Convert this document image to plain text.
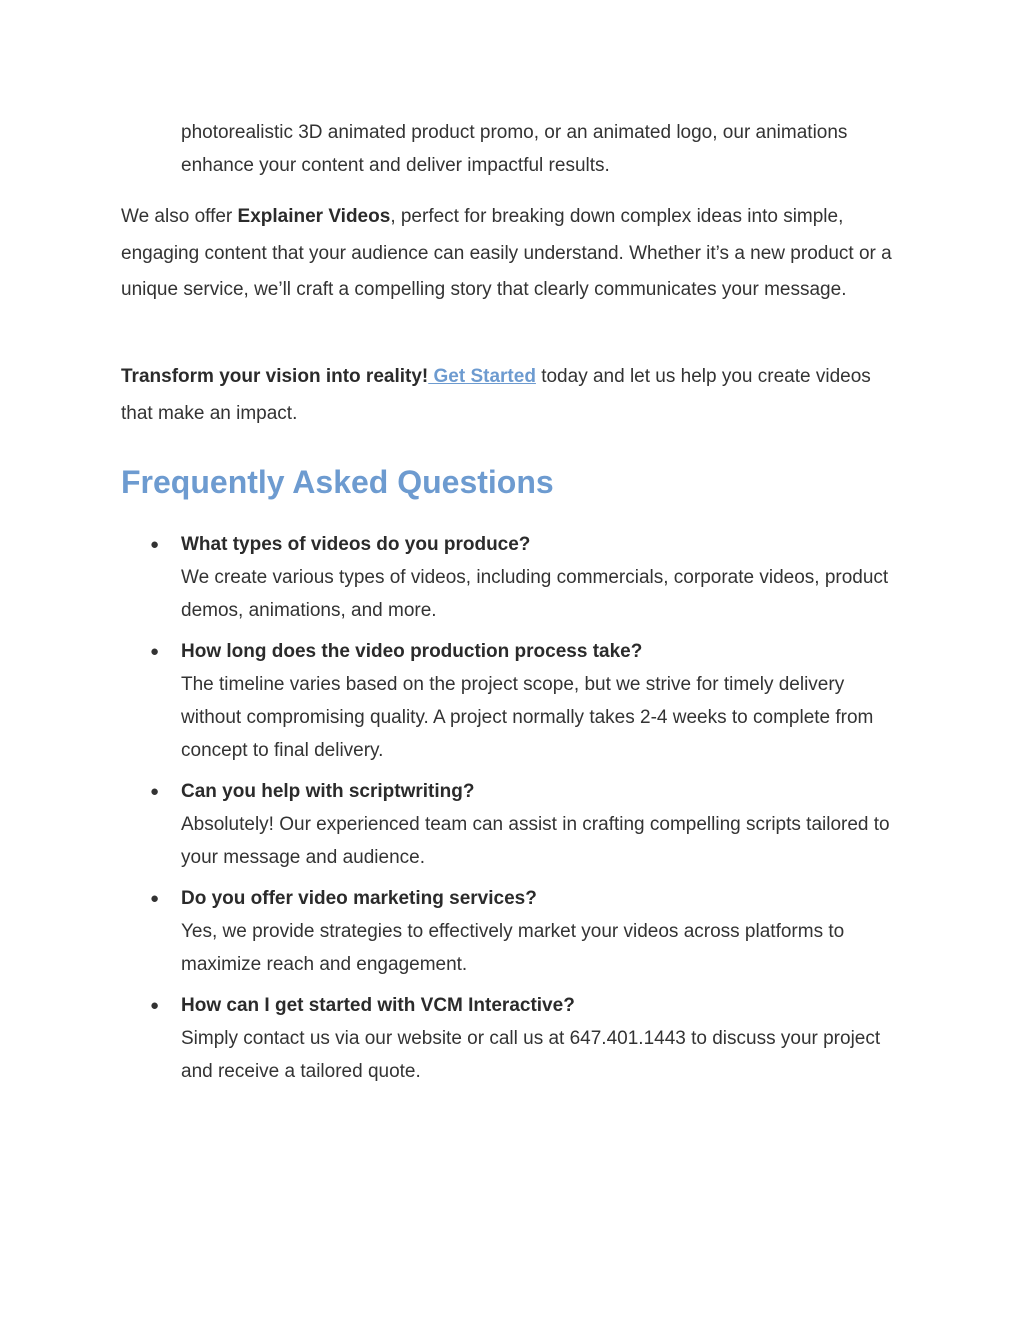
photorealistic 3D animated product promo, or an animated logo, our animations enhance your content and deliver impactful results.

We also offer Explainer Videos, perfect for breaking down complex ideas into simple, engaging content that your audience can easily understand. Whether it’s a new product or a unique service, we’ll craft a compelling story that clearly communicates your message.

Transform your vision into reality! Get Started today and let us help you create videos that make an impact.

Frequently Asked Questions
● What types of videos do you produce?
We create various types of videos, including commercials, corporate videos, product demos, animations, and more.
● How long does the video production process take?
The timeline varies based on the project scope, but we strive for timely delivery without compromising quality. A project normally takes 2-4 weeks to complete from concept to final delivery.
● Can you help with scriptwriting?
Absolutely! Our experienced team can assist in crafting compelling scripts tailored to your message and audience.
● Do you offer video marketing services?
Yes, we provide strategies to effectively market your videos across platforms to maximize reach and engagement.
● How can I get started with VCM Interactive?
Simply contact us via our website or call us at 647.401.1443 to discuss your project and receive a tailored quote.
